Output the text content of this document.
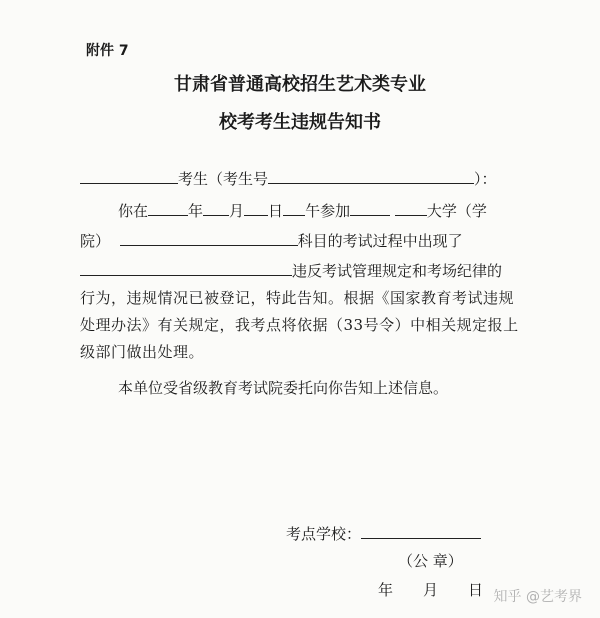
附件 7
甘肃省普通高校招生艺术类专业
校考考生违规告知书
考生（考生号	）：
你在	年 月 日 午参加	大学（学
院）	科目的考试过程中出现了
违反考试管理规定和考场纪律的
行为，违规情况已被登记，特此告知。根据《国家教育考试违规处理办法》有关规定，我考点将依据（33号令）中相关规定报上级部门做出处理。
本单位受省级教育考试院委托向你告知上述信息。
考点学校：
（公 章）
年 月 日 知乎 @艺考界
